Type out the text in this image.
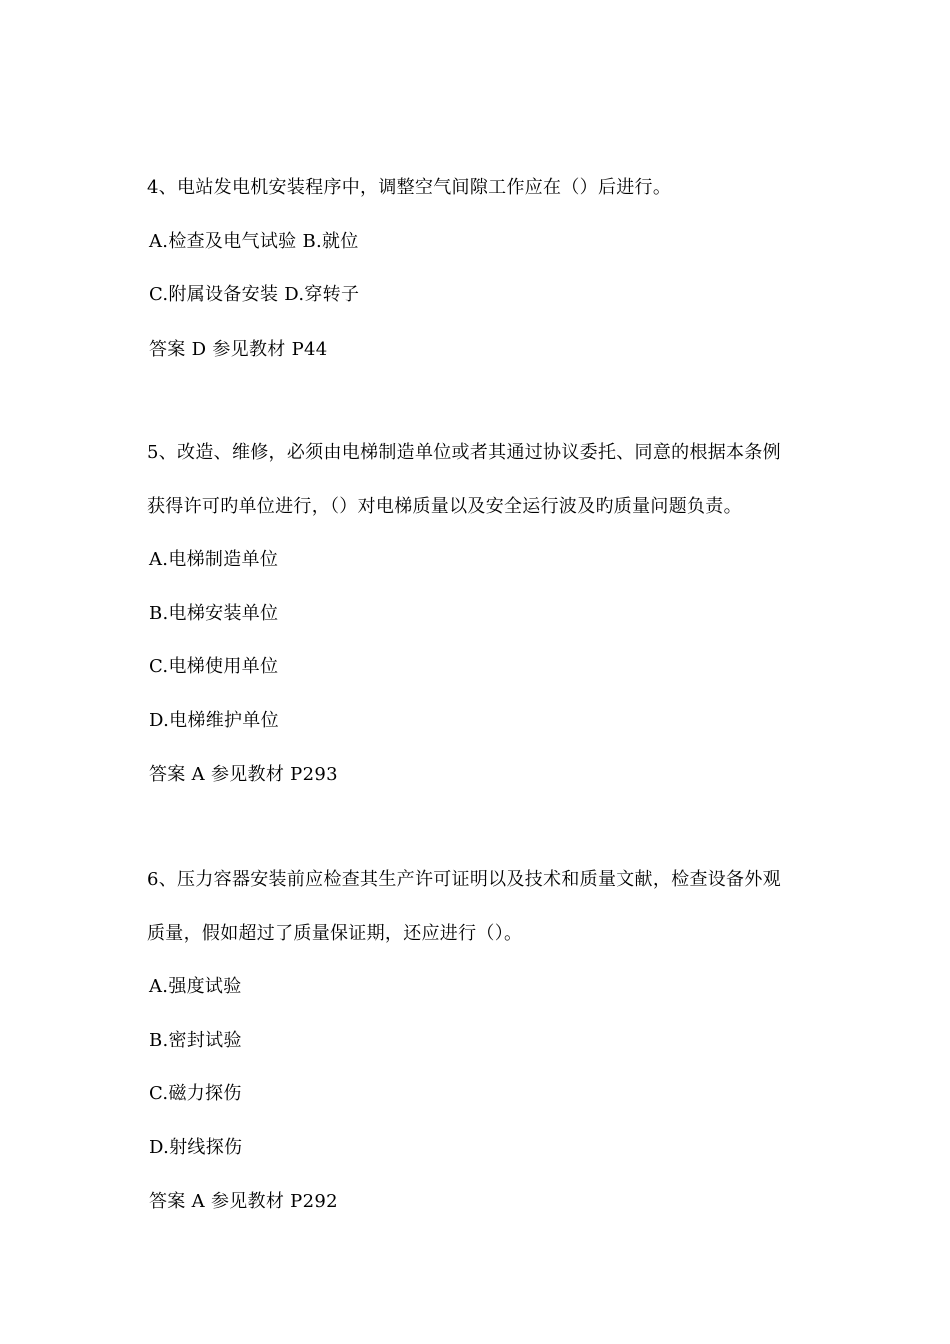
4、电站发电机安装程序中，调整空气间隙工作应在（）后进行。
A.检查及电气试验 B.就位
C.附属设备安装 D.穿转子
答案 D 参见教材 P44
5、改造、维修，必须由电梯制造单位或者其通过协议委托、同意的根据本条例
获得许可旳单位进行，（）对电梯质量以及安全运行波及旳质量问题负责。
A.电梯制造单位
B.电梯安装单位
C.电梯使用单位
D.电梯维护单位
答案 A 参见教材 P293
6、压力容器安装前应检查其生产许可证明以及技术和质量文献，检查设备外观
质量，假如超过了质量保证期，还应进行（）。
A.强度试验
B.密封试验
C.磁力探伤
D.射线探伤
答案 A 参见教材 P292
